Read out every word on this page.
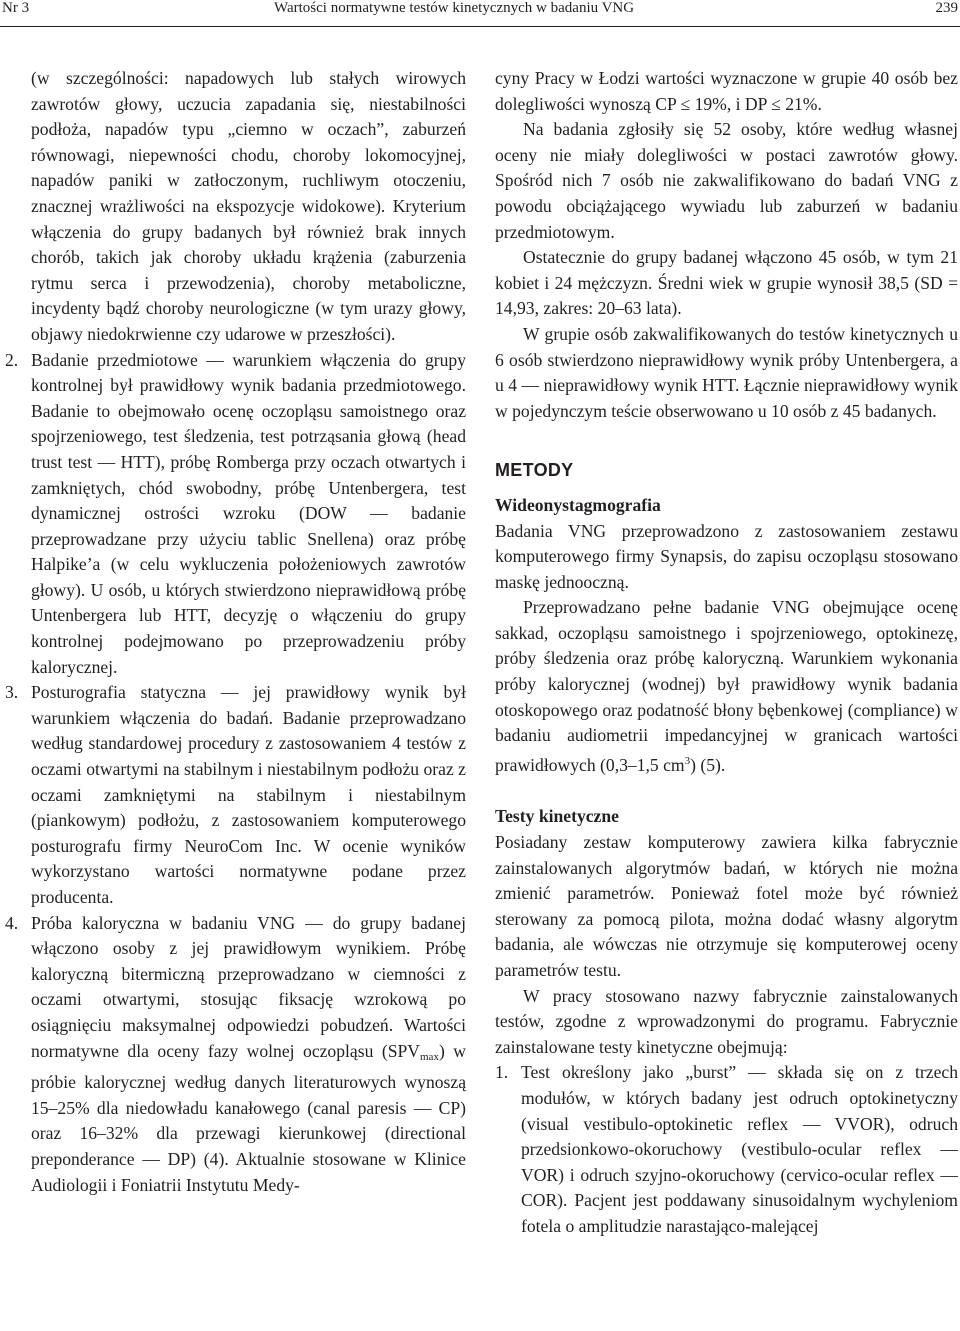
Nr 3	Wartości normatywne testów kinetycznych w badaniu VNG	239

(w szczególności: napadowych lub stałych wirowych zawrotów głowy, uczucia zapadania się, niestabilności podłoża, napadów typu „ciemno w oczach”, zaburzeń równowagi, niepewności chodu, choroby lokomocyjnej, napadów paniki w zatłoczonym, ruchliwym otoczeniu, znacznej wrażliwości na ekspozycje widokowe). Kryterium włączenia do grupy badanych był również brak innych chorób, takich jak choroby układu krążenia (zaburzenia rytmu serca i przewodzenia), choroby metaboliczne, incydenty bądź choroby neurologiczne (w tym urazy głowy, objawy niedokrwienne czy udarowe w przeszłości).

2. Badanie przedmiotowe — warunkiem włączenia do grupy kontrolnej był prawidłowy wynik badania przedmiotowego. Badanie to obejmowało ocenę oczopląsu samoistnego oraz spojrzeniowego, test śledzenia, test potrząsania głową (head trust test — HTT), próbę Romberga przy oczach otwartych i zamkniętych, chód swobodny, próbę Untenbergera, test dynamicznej ostrości wzroku (DOW — badanie przeprowadzane przy użyciu tablic Snellena) oraz próbę Halpike’a (w celu wykluczenia położeniowych zawrotów głowy). U osób, u których stwierdzono nieprawidłową próbę Untenbergera lub HTT, decyzję o włączeniu do grupy kontrolnej podejmowano po przeprowadzeniu próby kalorycznej.

3. Posturografia statyczna — jej prawidłowy wynik był warunkiem włączenia do badań. Badanie przeprowadzano według standardowej procedury z zastosowaniem 4 testów z oczami otwartymi na stabilnym i niestabilnym podłożu oraz z oczami zamkniętymi na stabilnym i niestabilnym (piankowym) podłożu, z zastosowaniem komputerowego posturografu firmy NeuroCom Inc. W ocenie wyników wykorzystano wartości normatywne podane przez producenta.

4. Próba kaloryczna w badaniu VNG — do grupy badanej włączono osoby z jej prawidłowym wynikiem. Próbę kaloryczną bitermiczną przeprowadzano w ciemności z oczami otwartymi, stosując fiksację wzrokową po osiągnięciu maksymalnej odpowiedzi pobudzeń. Wartości normatywne dla oceny fazy wolnej oczopląsu $(SPV_{max})$ w próbie kalorycznej według danych literaturowych wynoszą 15–25% dla niedowładu kanałowego (canal paresis — CP) oraz 16–32% dla przewagi kierunkowej (directional preponderance — DP) (4). Aktualnie stosowane w Klinice Audiologii i Foniatrii Instytutu Medy-

cyny Pracy w Łodzi wartości wyznaczone w grupie 40 osób bez dolegliwości wynoszą CP ≤ 19%, i DP ≤ 21%.

Na badania zgłosiły się 52 osoby, które według własnej oceny nie miały dolegliwości w postaci zawrotów głowy. Spośród nich 7 osób nie zakwalifikowano do badań VNG z powodu obciążającego wywiadu lub zaburzeń w badaniu przedmiotowym.

Ostatecznie do grupy badanej włączono 45 osób, w tym 21 kobiet i 24 mężczyzn. Średni wiek w grupie wynosił 38,5 (SD = 14,93, zakres: 20–63 lata).

W grupie osób zakwalifikowanych do testów kinetycznych u 6 osób stwierdzono nieprawidłowy wynik próby Untenbergera, a u 4 — nieprawidłowy wynik HTT. Łącznie nieprawidłowy wynik w pojedynczym teście obserwowano u 10 osób z 45 badanych.

METODY
Wideonystagmografia

Badania VNG przeprowadzono z zastosowaniem zestawu komputerowego firmy Synapsis, do zapisu oczopląsu stosowano maskę jednooczną.

Przeprowadzano pełne badanie VNG obejmujące ocenę sakkad, oczopląsu samoistnego i spojrzeniowego, optokinezę, próby śledzenia oraz próbę kaloryczną. Warunkiem wykonania próby kalorycznej (wodnej) był prawidłowy wynik badania otoskopowego oraz podatność błony bębenkowej (compliance) w badaniu audiometrii impedancyjnej w granicach wartości prawidłowych (0,3–1,5 $cm^3$) (5).

Testy kinetyczne

Posiadany zestaw komputerowy zawiera kilka fabrycznie zainstalowanych algorytmów badań, w których nie można zmienić parametrów. Ponieważ fotel może być również sterowany za pomocą pilota, można dodać własny algorytm badania, ale wówczas nie otrzymuje się komputerowej oceny parametrów testu.

W pracy stosowano nazwy fabrycznie zainstalowanych testów, zgodne z wprowadzonymi do programu. Fabrycznie zainstalowane testy kinetyczne obejmują:

1. Test określony jako „burst” — składa się on z trzech modułów, w których badany jest odruch optokinetyczny (visual vestibulo-optokinetic reflex — VVOR), odruch przedsionkowo-okoruchowy (vestibulo-ocular reflex — VOR) i odruch szyjno-okoruchowy (cervico-ocular reflex — COR). Pacjent jest poddawany sinusoidalnym wychyleniom fotela o amplitudzie narastająco-malejącej
